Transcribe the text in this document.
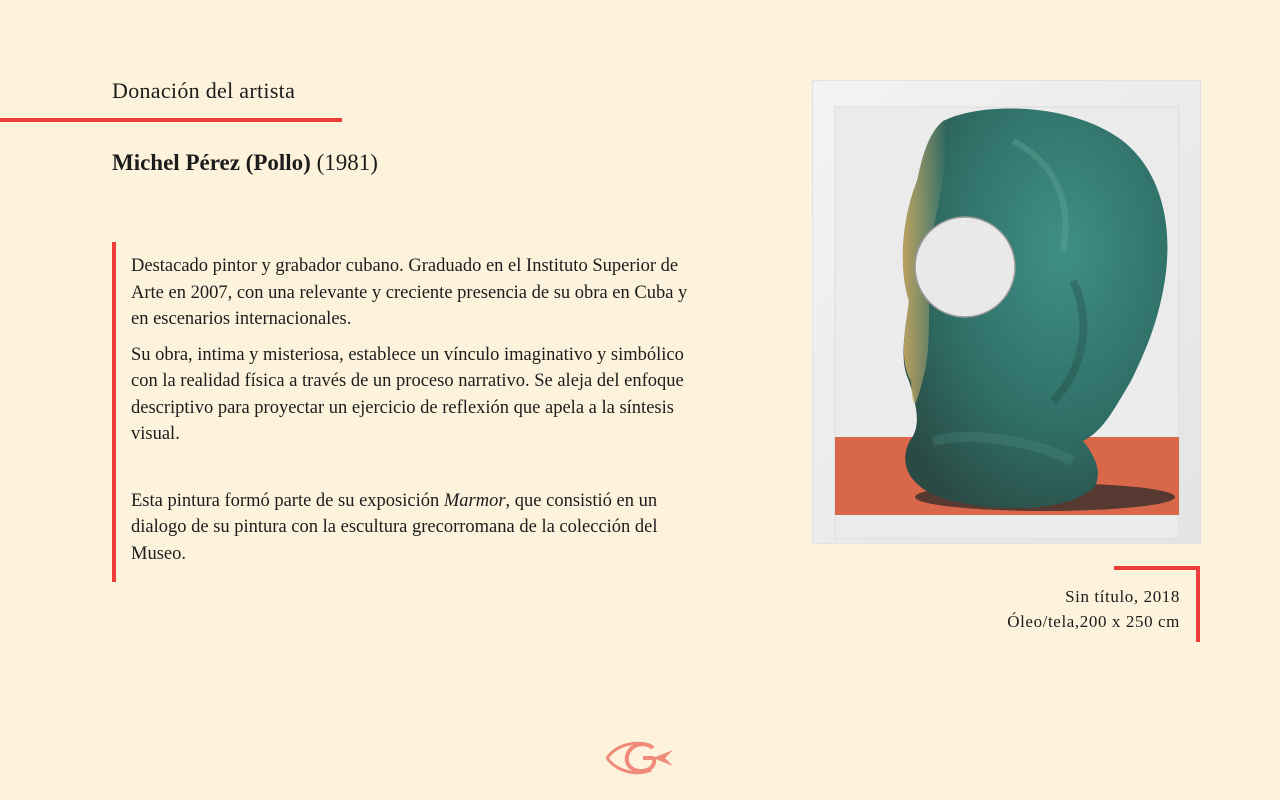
Donación del artista
Michel Pérez (Pollo) (1981)

Destacado pintor y grabador cubano. Graduado en el Instituto Superior de Arte en 2007, con una relevante y creciente presencia de su obra en Cuba y en escenarios internacionales.

Su obra, intima y misteriosa, establece un vínculo imaginativo y simbólico con la realidad física a través de un proceso narrativo. Se aleja del enfoque descriptivo para proyectar un ejercicio de reflexión que apela a la síntesis visual.

Esta pintura formó parte de su exposición Marmor, que consistió en un dialogo de su pintura con la escultura grecorromana de la colección del Museo.

Sin título, 2018
Óleo/tela,200 x 250 cm
